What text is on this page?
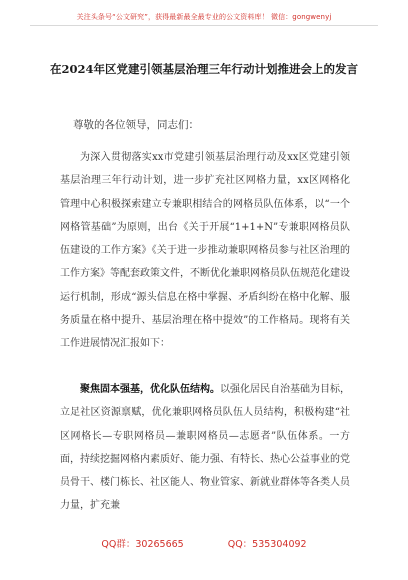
关注头条号“公文研究”，获得最新最全最专业的公文资料库！ 微信：gongwenyj
在2024年区党建引领基层治理三年行动计划推进会上的发言
尊敬的各位领导，同志们：
为深入贯彻落实xx市党建引领基层治理行动及xx区党建引领基层治理三年行动计划，进一步扩充社区网格力量，xx区网格化管理中心积极探索建立专兼职相结合的网格员队伍体系，以“一个网格管基础”为原则，出台《关于开展“1+1+N”专兼职网格员队伍建设的工作方案》《关于进一步推动兼职网格员参与社区治理的工作方案》等配套政策文件，不断优化兼职网格员队伍规范化建设运行机制，形成“源头信息在格中掌握、矛盾纠纷在格中化解、服务质量在格中提升、基层治理在格中提效”的工作格局。现将有关工作进展情况汇报如下：
聚焦固本强基，优化队伍结构。以强化居民自治基础为目标，立足社区资源禀赋，优化兼职网格员队伍人员结构，积极构建“社区网格长—专职网格员—兼职网格员—志愿者”队伍体系。一方面，持续挖掘网格内素质好、能力强、有特长、热心公益事业的党员骨干、楼门栋长、社区能人、物业管家、新就业群体等各类人员力量，扩充兼
QQ群：30265665	QQ：535304092
